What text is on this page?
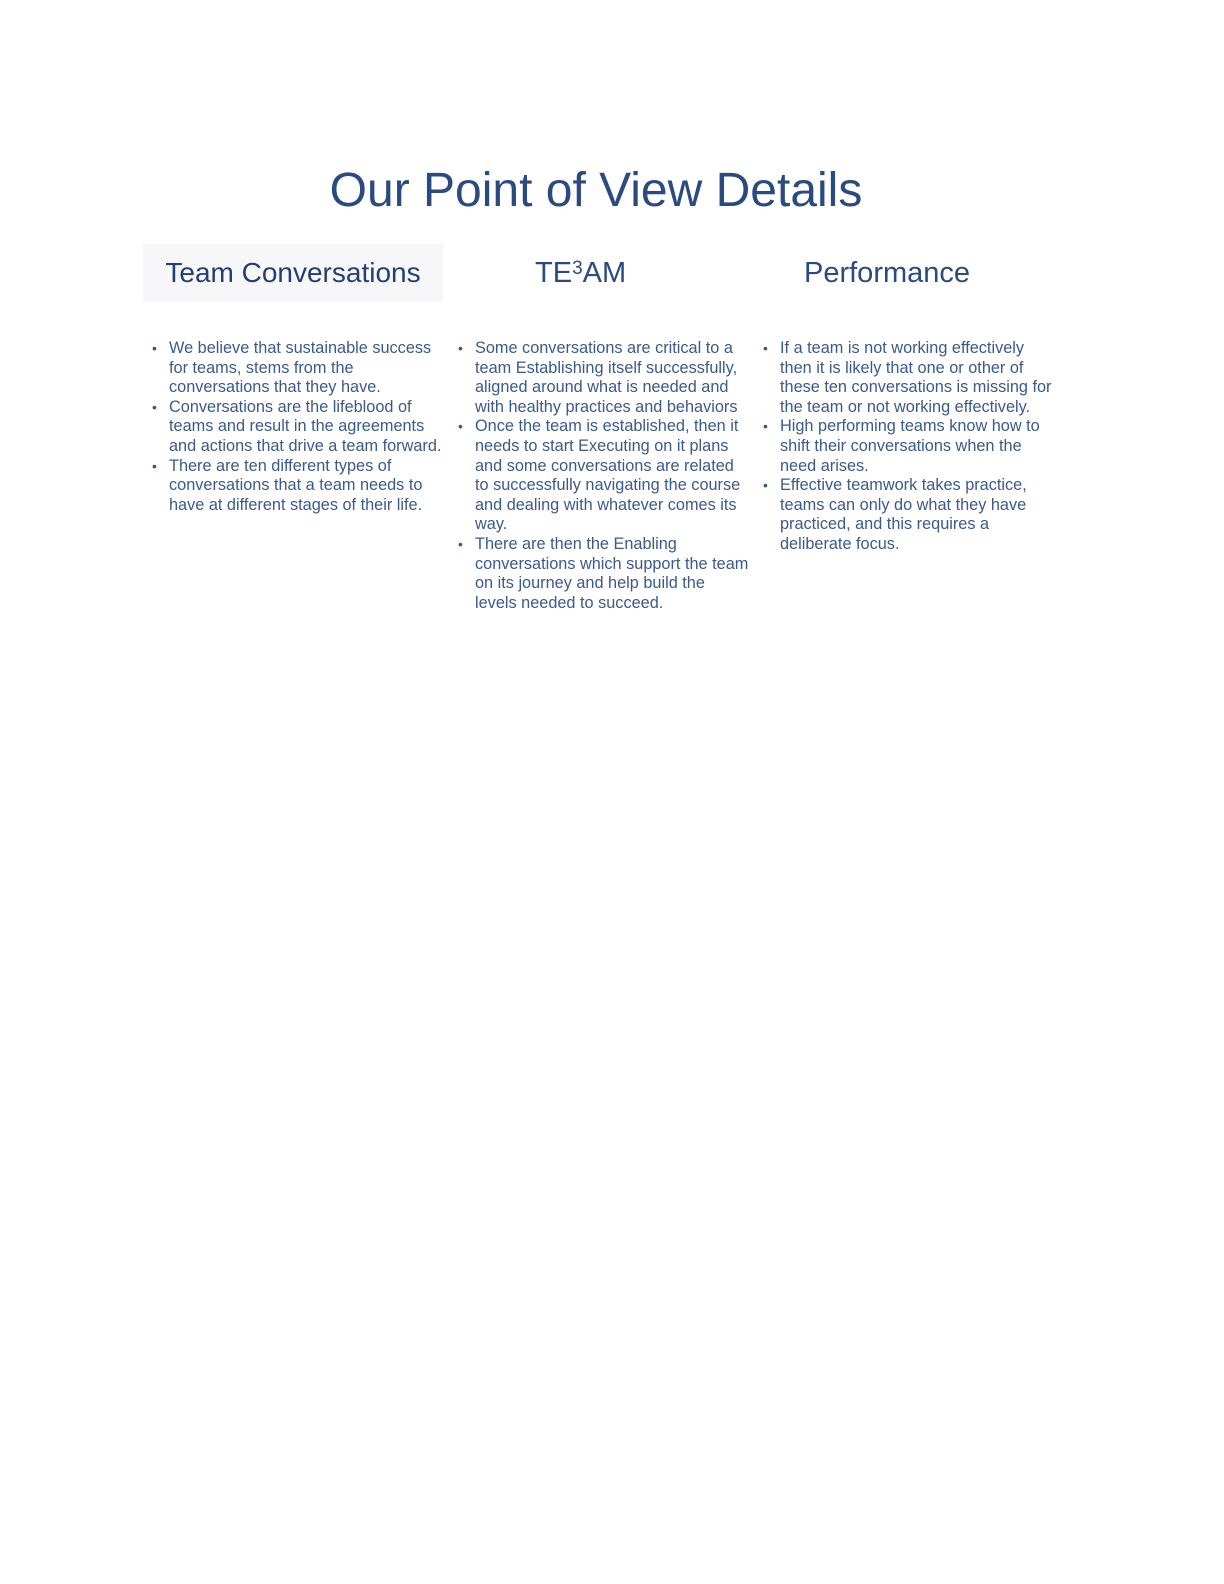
Our Point of View Details
Team Conversations
• We believe that sustainable success for teams, stems from the conversations that they have.
• Conversations are the lifeblood of teams and result in the agreements and actions that drive a team forward.
• There are ten different types of conversations that a team needs to have at different stages of their life.
$TE^3$ AM
• Some conversations are critical to a team Establishing itself successfully, aligned around what is needed and with healthy practices and behaviors
• Once the team is established, then it needs to start Executing on it plans and some conversations are related to successfully navigating the course and dealing with whatever comes its way.
• There are then the Enabling conversations which support the team on its journey and help build the levels needed to succeed.
Performance
• If a team is not working effectively then it is likely that one or other of these ten conversations is missing for the team or not working effectively.
• High performing teams know how to shift their conversations when the need arises.
• Effective teamwork takes practice, teams can only do what they have practiced, and this requires a deliberate focus.
